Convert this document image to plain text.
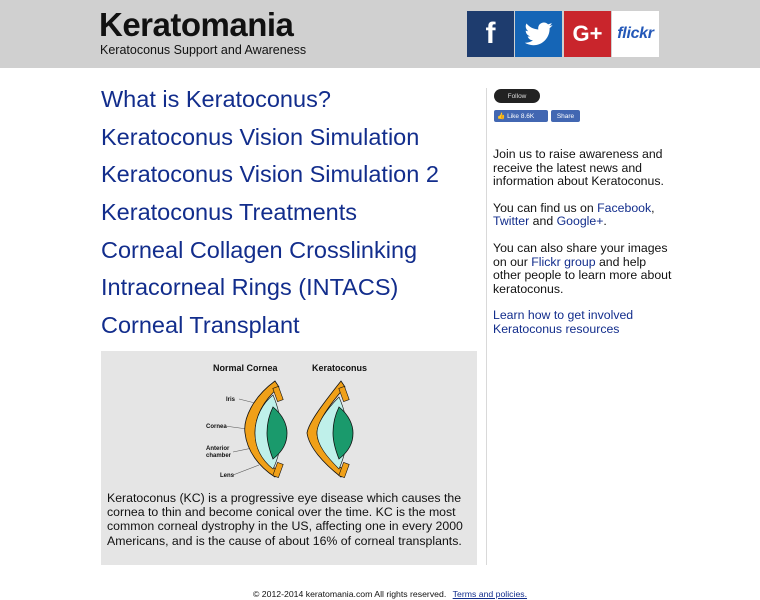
Keratomania
Keratoconus Support and Awareness	f	G+ flickr
What is Keratoconus?
Keratoconus Vision Simulation
Keratoconus Vision Simulation 2
Keratoconus Treatments
Corneal Collagen Crosslinking
Intracorneal Rings (INTACS)
Corneal Transplant
Normal Cornea	Keratoconus
Iris
Cornea
Anterior
chamber
Lens
Keratoconus (KC) is a progressive eye disease which causes the cornea to thin and become conical over the time. KC is the most common corneal dystrophy in the US, affecting one in every 2000 Americans, and is the cause of about 16% of corneal transplants.
Follow
👍 Like 8.6K	Share

Join us to raise awareness and receive the latest news and information about Keratoconus.

You can find us on Facebook, Twitter and Google+.

You can also share your images on our Flickr group and help other people to learn more about keratoconus.

Learn how to get involved
Keratoconus resources

© 2012-2014 keratomania.com All rights reserved. Terms and policies.
